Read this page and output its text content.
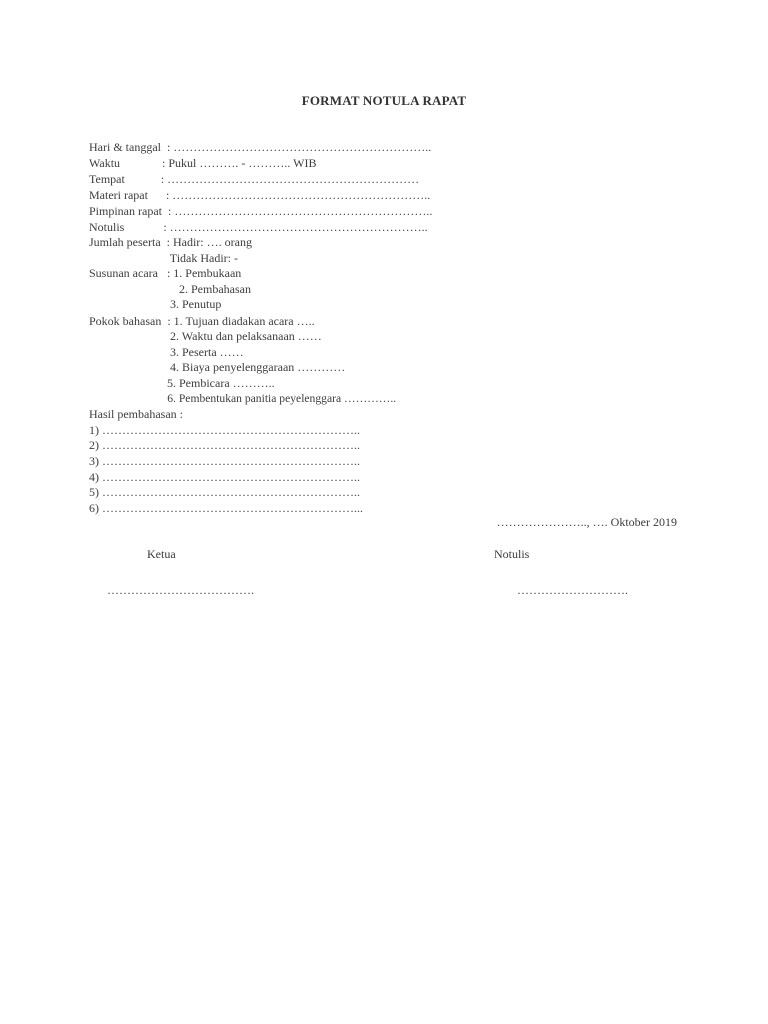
FORMAT NOTULA RAPAT
Hari & tanggal  : ………………………………………………………..
Waktu              : Pukul ………. - ……….. WIB
Tempat            : ………………………………………………………
Materi rapat      : ………………………………………………………..
Pimpinan rapat  : ………………………………………………………..
Notulis             : ………………………………………………………..
Jumlah peserta  : Hadir: …. orang
Tidak Hadir: -
Susunan acara   : 1. Pembukaan
2. Pembahasan
3. Penutup
Pokok bahasan  : 1. Tujuan diadakan acara …..
2. Waktu dan pelaksanaan ……
3. Peserta ……
4. Biaya penyelenggaraan …………
5. Pembicara ………..
6. Pembentukan panitia peyelenggara …………..
Hasil pembahasan :
1) ………………………………………………………..
2) ………………………………………………………..
3) ………………………………………………………..
4) ………………………………………………………..
5) ………………………………………………………..
6) ………………………………………………………...
………………….., …. Oktober 2019
Ketua	Notulis
……………………………….	……………………….
